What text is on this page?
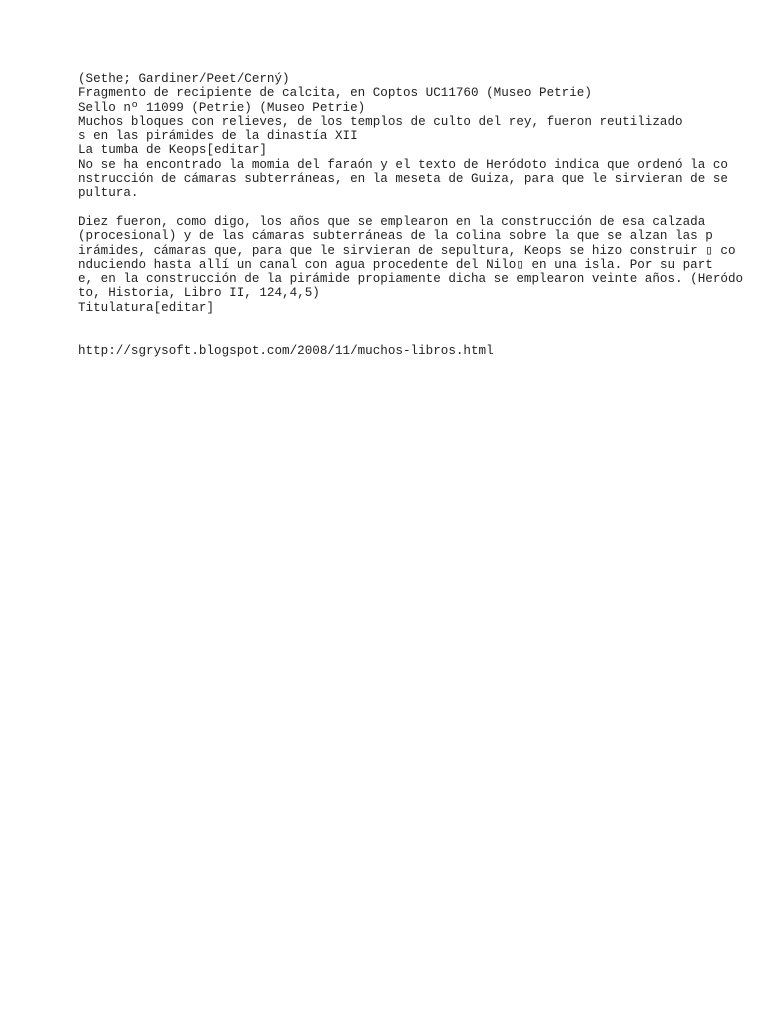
(Sethe; Gardiner/Peet/Cerný)
Fragmento de recipiente de calcita, en Coptos UC11760 (Museo Petrie)
Sello nº 11099 (Petrie) (Museo Petrie)
Muchos bloques con relieves, de los templos de culto del rey, fueron reutilizado
s en las pirámides de la dinastía XII
La tumba de Keops[editar]
No se ha encontrado la momia del faraón y el texto de Heródoto indica que ordenó la co
nstrucción de cámaras subterráneas, en la meseta de Guiza, para que le sirvieran de se
pultura.
Diez fueron, como digo, los años que se emplearon en la construcción de esa calzada
(procesional) y de las cámaras subterráneas de la colina sobre la que se alzan las p
irámides, cámaras que, para que le sirvieran de sepultura, Keops se hizo construir ▯ co
nduciendo hasta allí un canal con agua procedente del Nilo▯ en una isla. Por su part
e, en la construcción de la pirámide propiamente dicha se emplearon veinte años. (Heródo
to, Historia, Libro II, 124,4,5)
Titulatura[editar]
http://sgrysoft.blogspot.com/2008/11/muchos-libros.html
